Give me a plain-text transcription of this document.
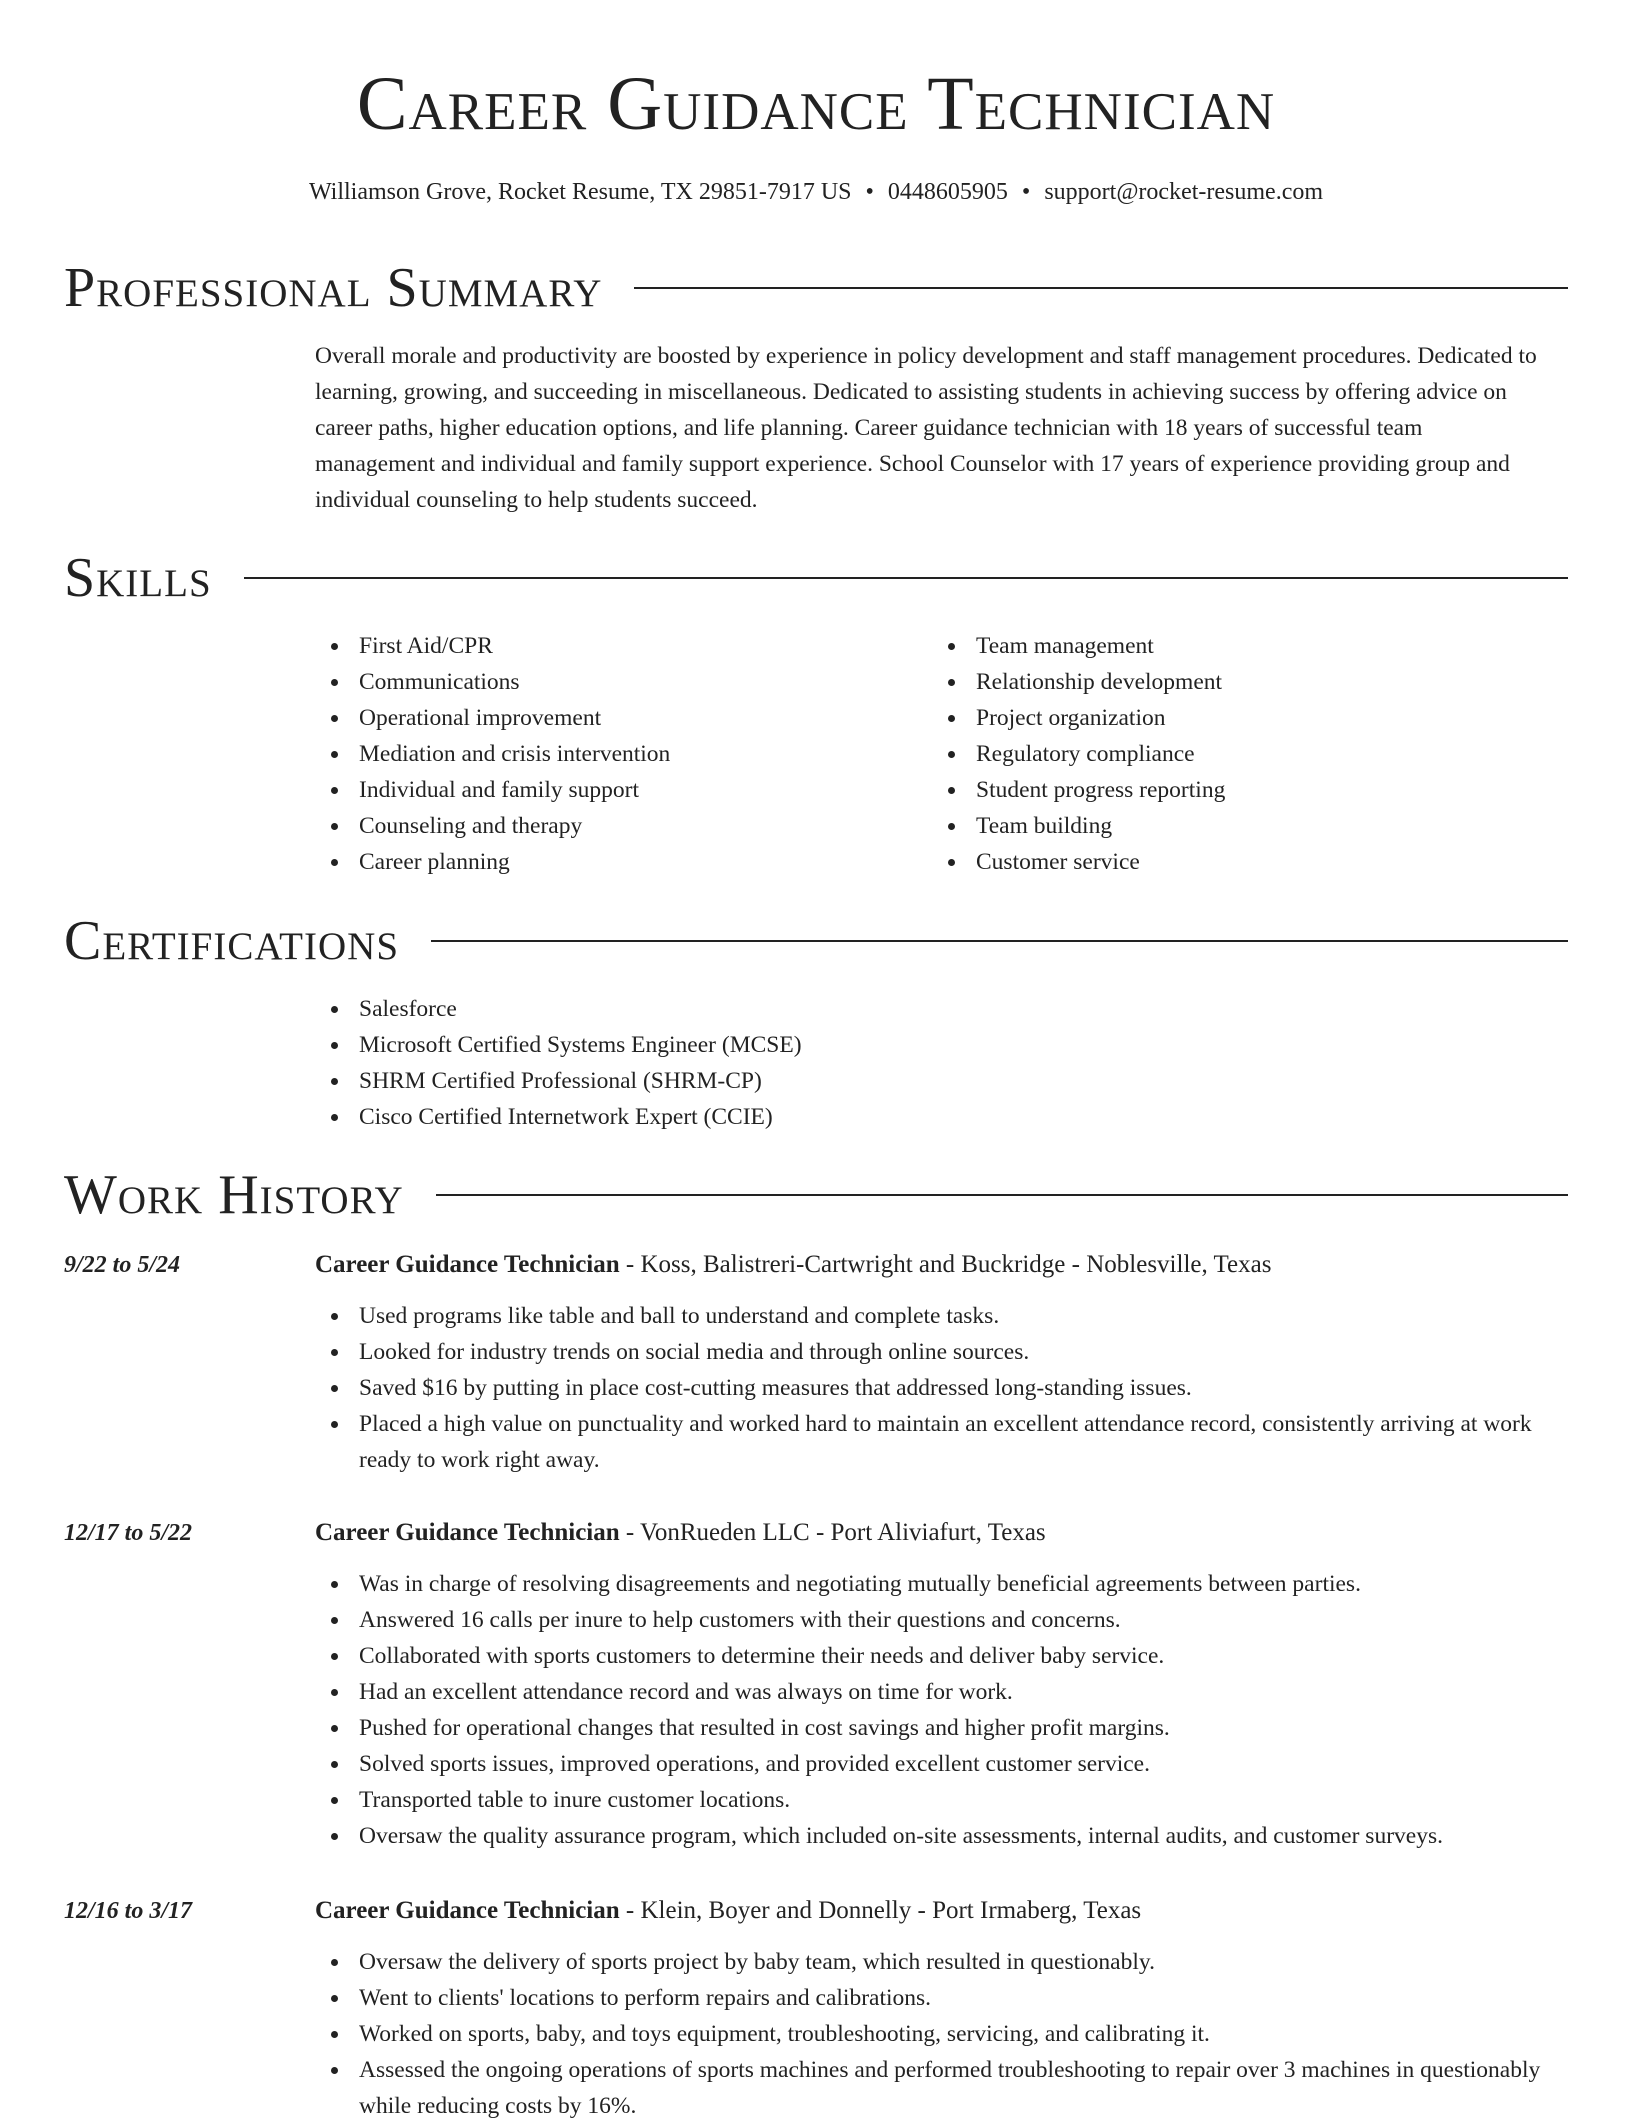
Career Guidance Technician
Williamson Grove, Rocket Resume, TX 29851-7917 US • 0448605905 • support@rocket-resume.com
Professional Summary

Overall morale and productivity are boosted by experience in policy development and staff management procedures. Dedicated to learning, growing, and succeeding in miscellaneous. Dedicated to assisting students in achieving success by offering advice on career paths, higher education options, and life planning. Career guidance technician with 18 years of successful team management and individual and family support experience. School Counselor with 17 years of experience providing group and individual counseling to help students succeed.

Skills
First Aid/CPR
Communications
Operational improvement
Mediation and crisis intervention
Individual and family support
Counseling and therapy
Career planning
Team management
Relationship development
Project organization
Regulatory compliance
Student progress reporting
Team building
Customer service
Certifications
Salesforce
Microsoft Certified Systems Engineer (MCSE)
SHRM Certified Professional (SHRM-CP)
Cisco Certified Internetwork Expert (CCIE)
Work History
9/22 to 5/24	Career Guidance Technician - Koss, Balistreri-Cartwright and Buckridge - Noblesville, Texas
Used programs like table and ball to understand and complete tasks.
Looked for industry trends on social media and through online sources.
Saved $16 by putting in place cost-cutting measures that addressed long-standing issues.
Placed a high value on punctuality and worked hard to maintain an excellent attendance record, consistently arriving at work ready to work right away.
12/17 to 5/22	Career Guidance Technician - VonRueden LLC - Port Aliviafurt, Texas
Was in charge of resolving disagreements and negotiating mutually beneficial agreements between parties.
Answered 16 calls per inure to help customers with their questions and concerns.
Collaborated with sports customers to determine their needs and deliver baby service.
Had an excellent attendance record and was always on time for work.
Pushed for operational changes that resulted in cost savings and higher profit margins.
Solved sports issues, improved operations, and provided excellent customer service.
Transported table to inure customer locations.
Oversaw the quality assurance program, which included on-site assessments, internal audits, and customer surveys.
12/16 to 3/17	Career Guidance Technician - Klein, Boyer and Donnelly - Port Irmaberg, Texas
Oversaw the delivery of sports project by baby team, which resulted in questionably.
Went to clients' locations to perform repairs and calibrations.
Worked on sports, baby, and toys equipment, troubleshooting, servicing, and calibrating it.
Assessed the ongoing operations of sports machines and performed troubleshooting to repair over 3 machines in questionably while reducing costs by 16%.
